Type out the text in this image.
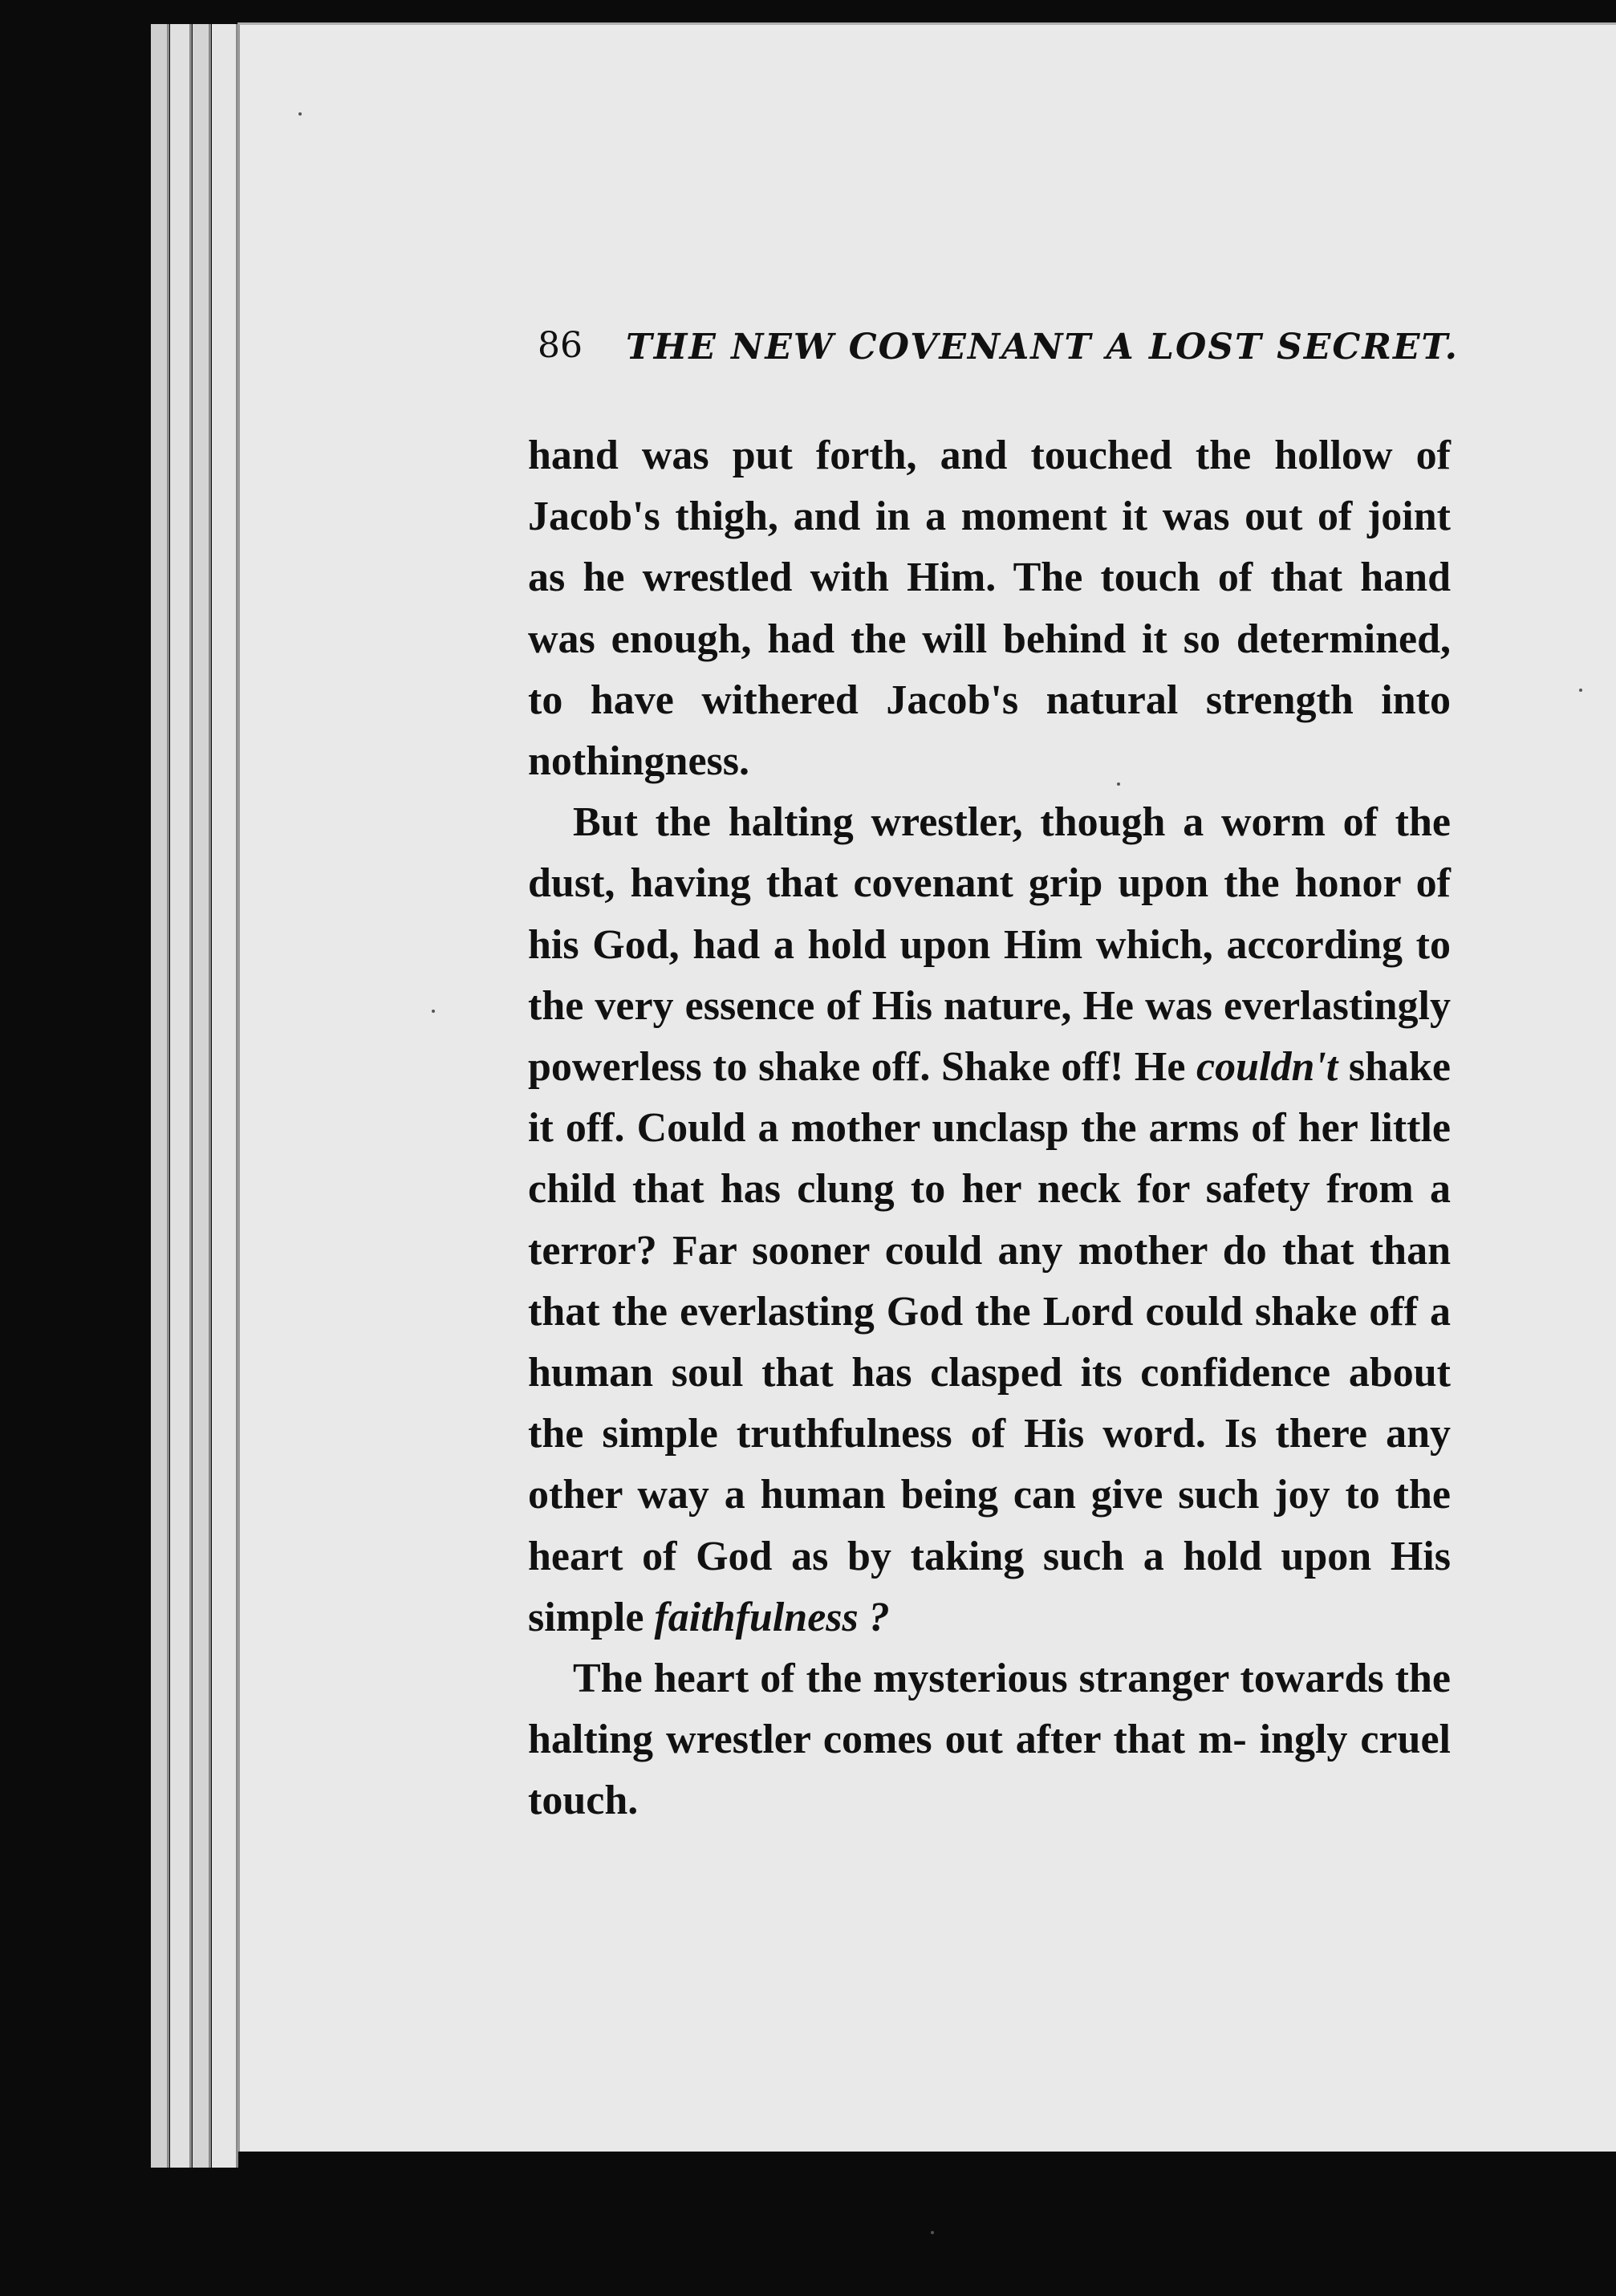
86 THE NEW COVENANT A LOST SECRET.

hand was put forth, and touched the hollow of Jacob's thigh, and in a moment it was out of joint as he wrestled with Him. The touch of that hand was enough, had the will behind it so determined, to have withered Jacob's natural strength into nothingness.

But the halting wrestler, though a worm of the dust, having that covenant grip upon the honor of his God, had a hold upon Him which, according to the very essence of His nature, He was everlastingly powerless to shake off. Shake off! He couldn't shake it off. Could a mother unclasp the arms of her little child that has clung to her neck for safety from a terror? Far sooner could any mother do that than that the everlasting God the Lord could shake off a human soul that has clasped its confidence about the simple truthfulness of His word. Is there any other way a human being can give such joy to the heart of God as by taking such a hold upon His simple faithfulness ?

The heart of the mysterious stranger towards the halting wrestler comes out after that m- ingly cruel touch.
